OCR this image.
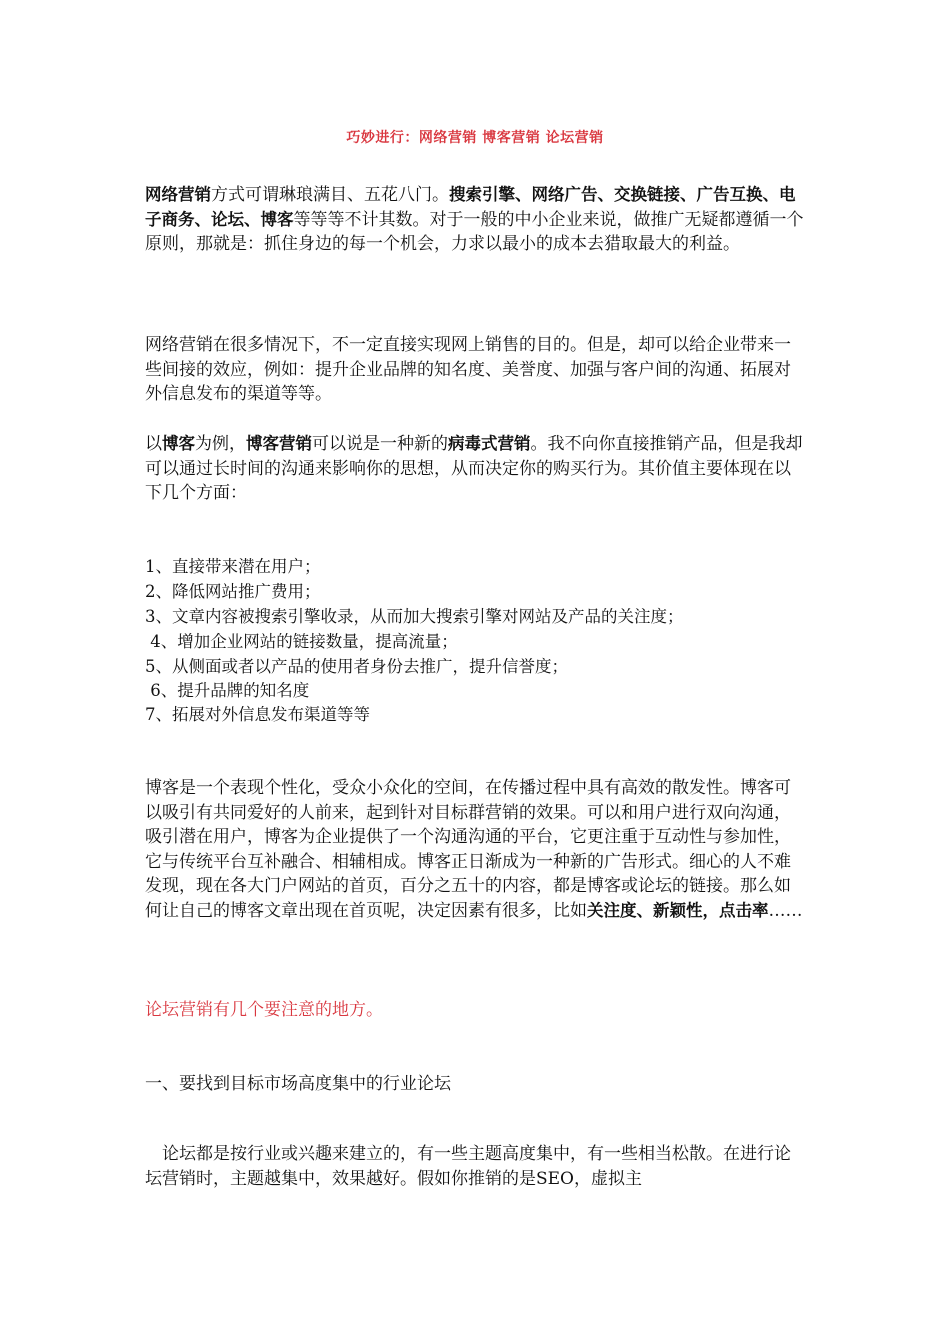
巧妙进行：网络营销 博客营销 论坛营销

网络营销方式可谓琳琅满目、五花八门。搜索引擎、网络广告、交换链接、广告互换、电子商务、论坛、博客等等等不计其数。对于一般的中小企业来说，做推广无疑都遵循一个原则，那就是：抓住身边的每一个机会，力求以最小的成本去猎取最大的利益。

网络营销在很多情况下，不一定直接实现网上销售的目的。但是，却可以给企业带来一些间接的效应，例如：提升企业品牌的知名度、美誉度、加强与客户间的沟通、拓展对外信息发布的渠道等等。

以博客为例，博客营销可以说是一种新的病毒式营销。我不向你直接推销产品，但是我却可以通过长时间的沟通来影响你的思想，从而决定你的购买行为。其价值主要体现在以下几个方面：

1、直接带来潜在用户；
2、降低网站推广费用；
3、文章内容被搜索引擎收录，从而加大搜索引擎对网站及产品的关注度；
4、增加企业网站的链接数量，提高流量；
5、从侧面或者以产品的使用者身份去推广，提升信誉度；
6、提升品牌的知名度
7、拓展对外信息发布渠道等等

博客是一个表现个性化，受众小众化的空间，在传播过程中具有高效的散发性。博客可以吸引有共同爱好的人前来，起到针对目标群营销的效果。可以和用户进行双向沟通，吸引潜在用户，博客为企业提供了一个沟通沟通的平台，它更注重于互动性与参加性，它与传统平台互补融合、相辅相成。博客正日渐成为一种新的广告形式。细心的人不难发现，现在各大门户网站的首页，百分之五十的内容，都是博客或论坛的链接。那么如何让自己的博客文章出现在首页呢，决定因素有很多，比如关注度、新颖性，点击率……

论坛营销有几个要注意的地方。

一、要找到目标市场高度集中的行业论坛

　论坛都是按行业或兴趣来建立的，有一些主题高度集中，有一些相当松散。在进行论坛营销时，主题越集中，效果越好。假如你推销的是SEO，虚拟主
